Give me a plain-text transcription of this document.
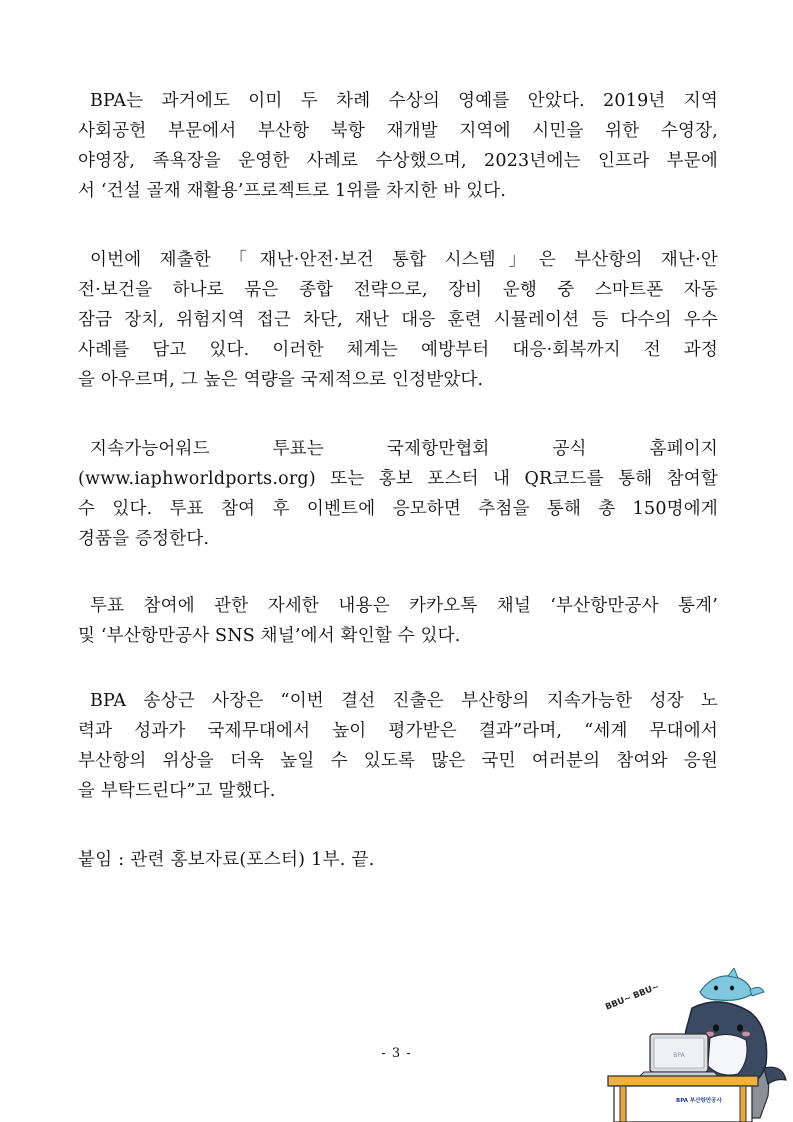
BPA는 과거에도 이미 두 차례 수상의 영예를 안았다. 2019년 지역
사회공헌 부문에서 부산항 북항 재개발 지역에 시민을 위한 수영장,
야영장, 족욕장을 운영한 사례로 수상했으며, 2023년에는 인프라 부문에
서 ‘건설 골재 재활용’프로젝트로 1위를 차지한 바 있다.
이번에 제출한 「재난·안전·보건 통합 시스템」은 부산항의 재난·안
전·보건을 하나로 묶은 종합 전략으로, 장비 운행 중 스마트폰 자동
잠금 장치, 위험지역 접근 차단, 재난 대응 훈련 시뮬레이션 등 다수의 우수
사례를 담고 있다. 이러한 체계는 예방부터 대응·회복까지 전 과정
을 아우르며, 그 높은 역량을 국제적으로 인정받았다.
지속가능어워드 투표는 국제항만협회 공식 홈페이지
(www.iaphworldports.org) 또는 홍보 포스터 내 QR코드를 통해 참여할
수 있다. 투표 참여 후 이벤트에 응모하면 추첨을 통해 총 150명에게
경품을 증정한다.
투표 참여에 관한 자세한 내용은 카카오톡 채널 ‘부산항만공사 통계’
및 ‘부산항만공사 SNS 채널’에서 확인할 수 있다.
BPA 송상근 사장은 “이번 결선 진출은 부산항의 지속가능한 성장 노
력과 성과가 국제무대에서 높이 평가받은 결과”라며, “세계 무대에서
부산항의 위상을 더욱 높일 수 있도록 많은 국민 여러분의 참여와 응원
을 부탁드린다”고 말했다.
붙임 : 관련 홍보자료(포스터) 1부. 끝.
- 3 -
BBU~ BBU~
BPA
BPA 부산항만공사
